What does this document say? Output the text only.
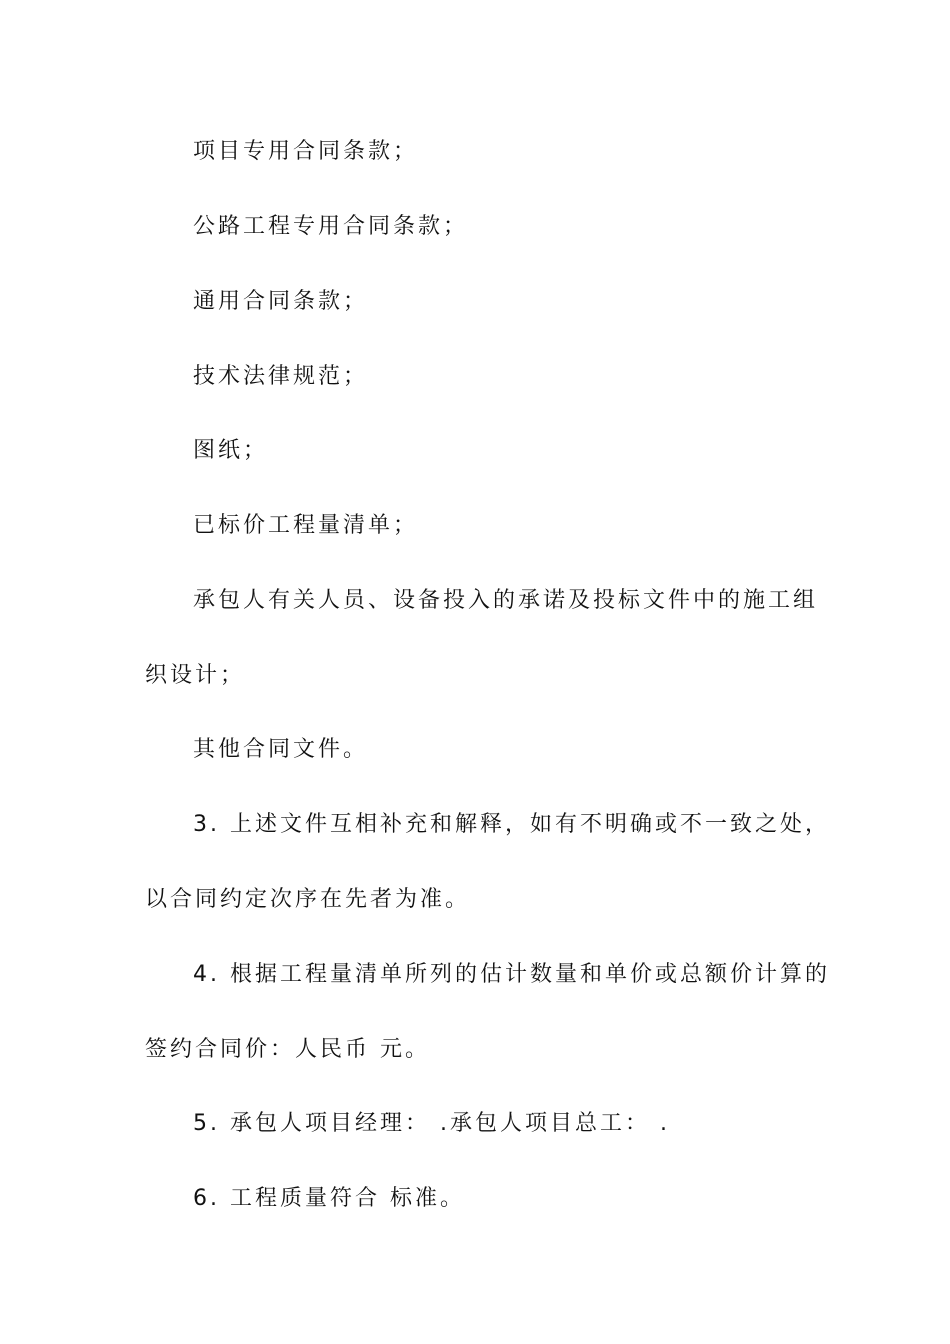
项目专用合同条款；
公路工程专用合同条款；
通用合同条款；
技术法律规范；
图纸；
已标价工程量清单；
承包人有关人员、设备投入的承诺及投标文件中的施工组
织设计；
其他合同文件。
3. 上述文件互相补充和解释，如有不明确或不一致之处，
以合同约定次序在先者为准。
4. 根据工程量清单所列的估计数量和单价或总额价计算的
签约合同价：人民币 元。
5. 承包人项目经理： .承包人项目总工： .
6. 工程质量符合 标准。
